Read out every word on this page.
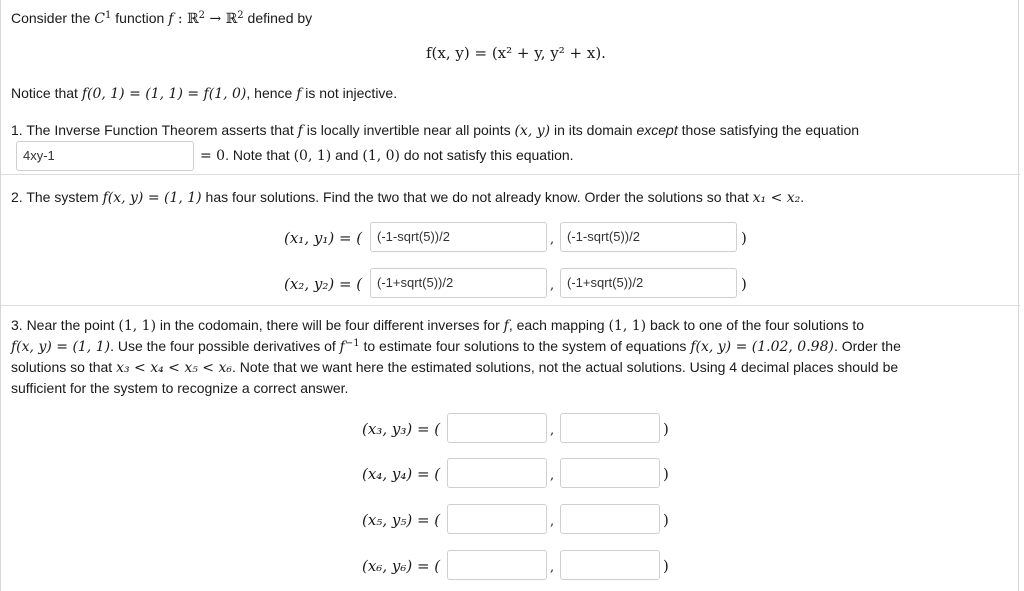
Consider the $C^1$ function f : ℝ$^2$ → ℝ$^2$ defined by
f(x, y) = (x² + y, y² + x).
Notice that f(0, 1) = (1, 1) = f(1, 0), hence f is not injective.
1. The Inverse Function Theorem asserts that f is locally invertible near all points (x, y) in its domain except those satisfying the equation
4xy-1	= 0. Note that (0, 1) and (1, 0) do not satisfy this equation.
2. The system f(x, y) = (1, 1) has four solutions. Find the two that we do not already know. Order the solutions so that x₁ < x₂.
(x₁, y₁) = (	(-1-sqrt(5))/2	, (-1-sqrt(5))/2	)
(x₂, y₂) = (	(-1+sqrt(5))/2	, (-1+sqrt(5))/2	)
3. Near the point (1, 1) in the codomain, there will be four different inverses for f, each mapping (1, 1) back to one of the four solutions to
f(x, y) = (1, 1). Use the four possible derivatives of $f^{-1}$ to estimate four solutions to the system of equations f(x, y) = (1.02, 0.98). Order the
solutions so that x₃ < x₄ < x₅ < x₆. Note that we want here the estimated solutions, not the actual solutions. Using 4 decimal places should be
sufficient for the system to recognize a correct answer.
(x₃, y₃) = (	,	)
(x₄, y₄) = (	,	)
(x₅, y₅) = (	,	)
(x₆, y₆) = (	,	)
